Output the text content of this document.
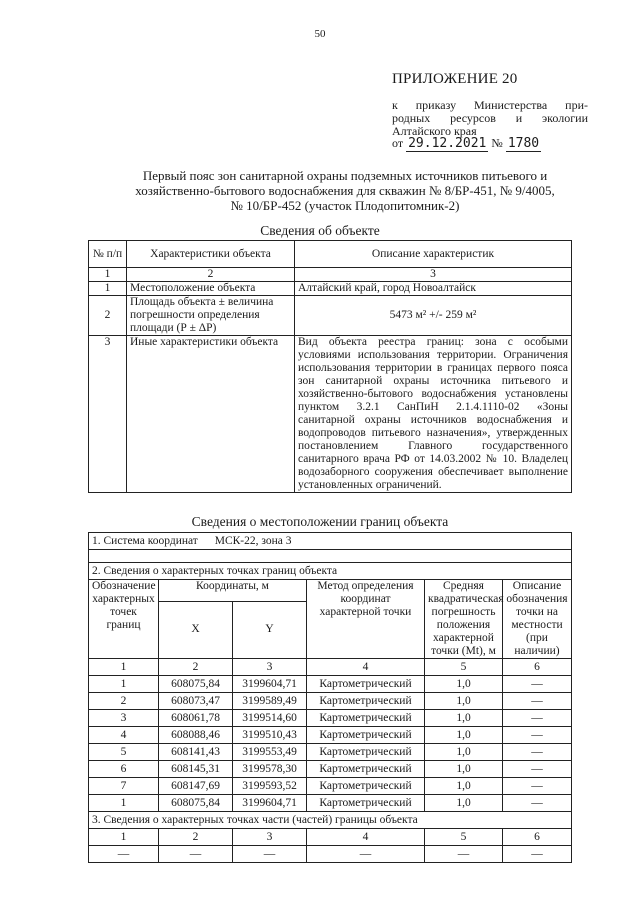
50
ПРИЛОЖЕНИЕ 20
к приказу Министерства при-
родных ресурсов и экологии
Алтайского края
от 29.12.2021 № 1780
Первый пояс зон санитарной охраны подземных источников питьевого и хозяйственно-бытового водоснабжения для скважин № 8/БР-451, № 9/4005, № 10/БР-452 (участок Плодопитомник-2)
Сведения об объекте
№ п/п	Характеристики объекта	Описание характеристик
1	2	3
1	Местоположение объекта	Алтайский край, город Новоалтайск
2	Площадь объекта ± величина погрешности определения площади (Р ± ΔР)	5473 м² +/- 259 м²
3	Иные характеристики объекта	Вид объекта реестра границ: зона с особыми условиями использования территории. Ограничения использования территории в границах первого пояса зон санитарной охраны источника питьевого и хозяйственно-бытового водоснабжения установлены пунктом 3.2.1 СанПиН 2.1.4.1110-02 «Зоны санитарной охраны источников водоснабжения и водопроводов питьевого назначения», утвержденных постановлением Главного государственного санитарного врача РФ от 14.03.2002 № 10. Владелец водозаборного сооружения обеспечивает выполнение установленных ограничений.
Сведения о местоположении границ объекта
1. Система координат МСК-22, зона 3					

2. Сведения о характерных точках границ объекта					
Обозначение характерных точек границ	Координаты, м		Метод определения координат характерной точки	Средняя квадратическая погрешность положения характерной точки (Mt), м	Описание обозначения точки на местности (при наличии)
	X	Y			
1	2	3	4	5	6
1	608075,84	3199604,71	Картометрический	1,0	—
2	608073,47	3199589,49	Картометрический	1,0	—
3	608061,78	3199514,60	Картометрический	1,0	—
4	608088,46	3199510,43	Картометрический	1,0	—
5	608141,43	3199553,49	Картометрический	1,0	—
6	608145,31	3199578,30	Картометрический	1,0	—
7	608147,69	3199593,52	Картометрический	1,0	—
1	608075,84	3199604,71	Картометрический	1,0	—
3. Сведения о характерных точках части (частей) границы объекта					
1	2	3	4	5	6
—	—	—	—	—	—
